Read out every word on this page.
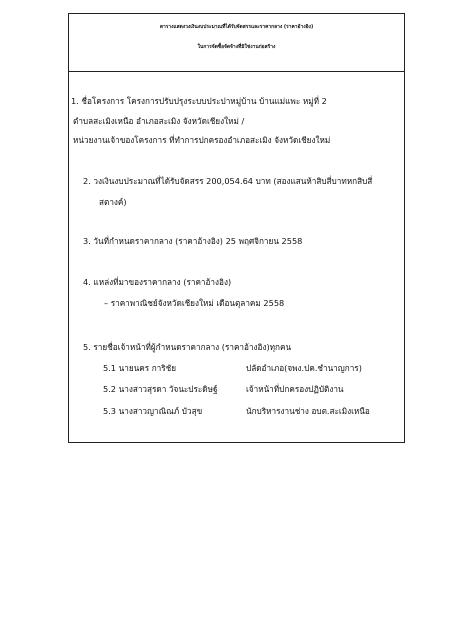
ตารางแสดงวงเงินงบประมาณที่ได้รับจัดสรรและราคากลาง (ราคาอ้างอิง)
ในการจัดซื้อจัดจ้างที่มิใช่งานก่อสร้าง
1. ชื่อโครงการ โครงการปรับปรุงระบบประปาหมู่บ้าน บ้านแม่แพะ หมู่ที่ 2
ตำบลสะเมิงเหนือ อำเภอสะเมิง จังหวัดเชียงใหม่ /
หน่วยงานเจ้าของโครงการ ที่ทำการปกครองอำเภอสะเมิง จังหวัดเชียงใหม่
2. วงเงินงบประมาณที่ได้รับจัดสรร 200,054.64 บาท (สองแสนห้าสิบสี่บาทหกสิบสี่
สตางค์)
3. วันที่กำหนดราคากลาง (ราคาอ้างอิง) 25 พฤศจิกายน 2558
4. แหล่งที่มาของราคากลาง (ราคาอ้างอิง)
– ราคาพาณิชย์จังหวัดเชียงใหม่ เดือนตุลาคม 2558
5. รายชื่อเจ้าหน้าที่ผู้กำหนดราคากลาง (ราคาอ้างอิง)ทุกคน
5.1 นายนคร การิชัย	ปลัดอำเภอ(จพง.ปค.ชำนาญการ)
5.2 นางสาวสุรดา วัจนะประดิษฐ์	เจ้าหน้าที่ปกครองปฏิบัติงาน
5.3 นางสาวญาณิณภ์ บัวสุข	นักบริหารงานช่าง อบต.สะเมิงเหนือ
